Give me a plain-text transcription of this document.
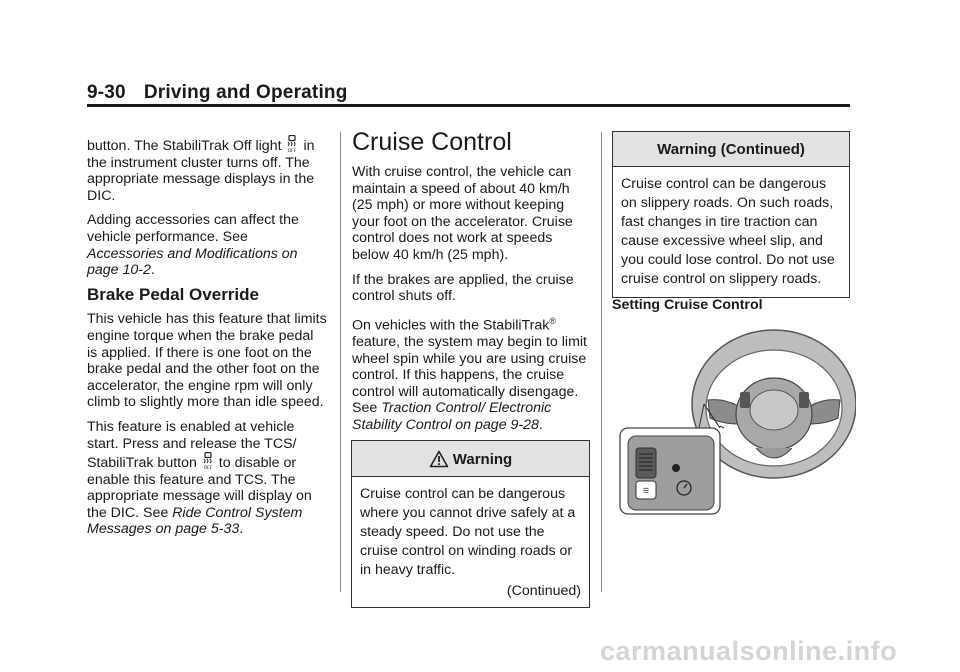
9-30 Driving and Operating

button. The StabiliTrak Off light OFF in the instrument cluster turns off. The appropriate message displays in the DIC.

Adding accessories can affect the vehicle performance. See Accessories and Modifications on page 10-2.

Brake Pedal Override

This vehicle has this feature that limits engine torque when the brake pedal is applied. If there is one foot on the brake pedal and the other foot on the accelerator, the engine rpm will only climb to slightly more than idle speed.

This feature is enabled at vehicle start. Press and release the TCS/ StabiliTrak button OFF to disable or enable this feature and TCS. The appropriate message will display on the DIC. See Ride Control System Messages on page 5-33.

Cruise Control

With cruise control, the vehicle can maintain a speed of about 40 km/h (25 mph) or more without keeping your foot on the accelerator. Cruise control does not work at speeds below 40 km/h (25 mph).

If the brakes are applied, the cruise control shuts off.

On vehicles with the StabiliTrak® feature, the system may begin to limit wheel spin while you are using cruise control. If this happens, the cruise control will automatically disengage. See Traction Control/ Electronic Stability Control on page 9-28.

Warning
Cruise control can be dangerous where you cannot drive safely at a steady speed. Do not use the cruise control on winding roads or in heavy traffic.
(Continued)
Warning (Continued)
Cruise control can be dangerous on slippery roads. On such roads, fast changes in tire traction can cause excessive wheel slip, and you could lose control. Do not use cruise control on slippery roads.
Setting Cruise Control
☰
carmanualsonline.info
